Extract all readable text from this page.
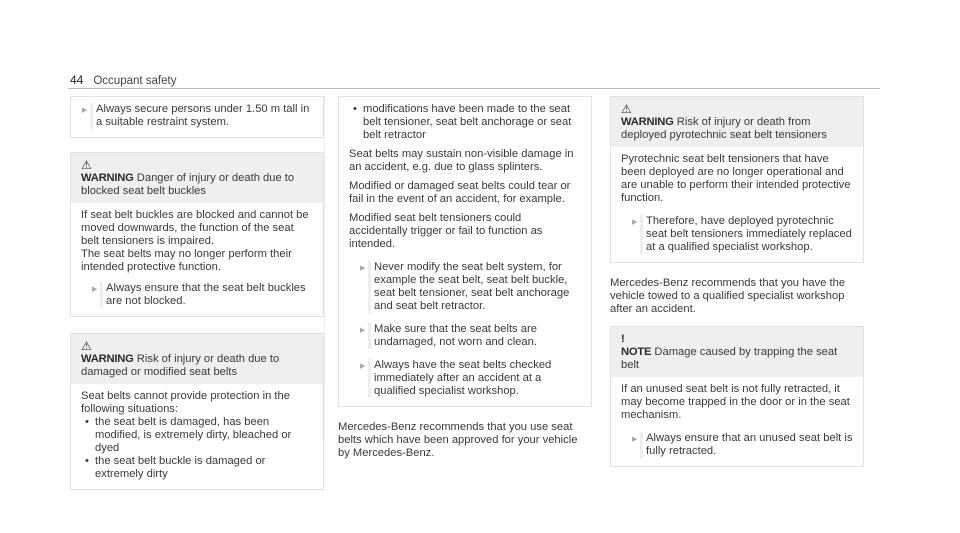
44 Occupant safety

▶ Always secure persons under 1.50 m tall in a suitable restraint system.

⚠WARNING Danger of injury or death due to blocked seat belt buckles

If seat belt buckles are blocked and cannot be moved downwards, the function of the seat belt tensioners is impaired.

The seat belts may no longer perform their intended protective function.

▶ Always ensure that the seat belt buckles are not blocked.

⚠WARNING Risk of injury or death due to damaged or modified seat belts

Seat belts cannot provide protection in the following situations:

• the seat belt is damaged, has been modified, is extremely dirty, bleached or dyed

• the seat belt buckle is damaged or extremely dirty

• modifications have been made to the seat belt tensioner, seat belt anchorage or seat belt retractor

Seat belts may sustain non-visible damage in an accident, e.g. due to glass splinters.

Modified or damaged seat belts could tear or fail in the event of an accident, for example.

Modified seat belt tensioners could accidentally trigger or fail to function as intended.

▶ Never modify the seat belt system, for example the seat belt, seat belt buckle, seat belt tensioner, seat belt anchorage and seat belt retractor.

▶ Make sure that the seat belts are undamaged, not worn and clean.

▶ Always have the seat belts checked immediately after an accident at a qualified specialist workshop.

Mercedes-Benz recommends that you use seat belts which have been approved for your vehicle by Mercedes-Benz.

⚠WARNING Risk of injury or death from deployed pyrotechnic seat belt tensioners

Pyrotechnic seat belt tensioners that have been deployed are no longer operational and are unable to perform their intended protective function.

▶ Therefore, have deployed pyrotechnic seat belt tensioners immediately replaced at a qualified specialist workshop.

Mercedes-Benz recommends that you have the vehicle towed to a qualified specialist workshop after an accident.

!NOTE Damage caused by trapping the seat belt

If an unused seat belt is not fully retracted, it may become trapped in the door or in the seat mechanism.

▶ Always ensure that an unused seat belt is fully retracted.
